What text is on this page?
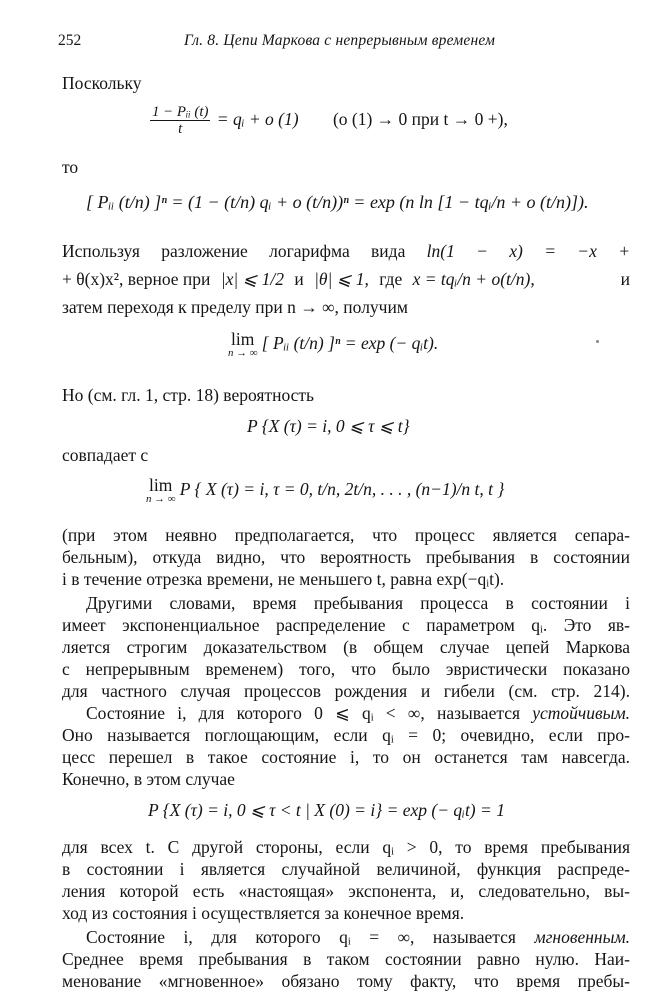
252	Гл. 8. Цепи Маркова с непрерывным временем
Поскольку
$\frac{\text{1 − Pᵢᵢ (t)}}{t}$ = qᵢ + o (1) (o (1) → 0 при t → 0 +),
то
[ Pᵢᵢ (t/n) ]ⁿ = (1 − (t/n) qᵢ + o (t/n))ⁿ = exp (n ln [1 − tqᵢ/n + o (t/n)]).
Используя разложение логарифма вида ln(1 − x) = −x +
+ θ(x)x², верное при |x| ⩽ 1/2 и |θ| ⩽ 1, где x = tqᵢ/n + o(t/n),	и
затем переходя к пределу при n → ∞, получим
lim
n → ∞
[ Pᵢᵢ (t/n) ]ⁿ = exp (− qᵢt).
Но (см. гл. 1, стр. 18) вероятность
P {X (τ) = i, 0 ⩽ τ ⩽ t}
совпадает с
lim
n → ∞
P { X (τ) = i, τ = 0, t/n, 2t/n, . . . , (n−1)/n t, t }
(при этом неявно предполагается, что процесс является сепара-
бельным), откуда видно, что вероятность пребывания в состоянии
i в течение отрезка времени, не меньшего t, равна exp(−qᵢt).
Другими словами, время пребывания процесса в состоянии i
имеет экспоненциальное распределение с параметром qᵢ. Это яв-
ляется строгим доказательством (в общем случае цепей Маркова
с непрерывным временем) того, что было эвристически показано
для частного случая процессов рождения и гибели (см. стр. 214).
Состояние i, для которого 0 ⩽ qᵢ < ∞, называется устойчивым.
Оно называется поглощающим, если qᵢ = 0; очевидно, если про-
цесс перешел в такое состояние i, то он останется там навсегда.
Конечно, в этом случае
P {X (τ) = i, 0 ⩽ τ < t | X (0) = i} = exp (− qᵢt) = 1
для всех t. С другой стороны, если qᵢ > 0, то время пребывания
в состоянии i является случайной величиной, функция распреде-
ления которой есть «настоящая» экспонента, и, следовательно, вы-
ход из состояния i осуществляется за конечное время.
Состояние i, для которого qᵢ = ∞, называется мгновенным.
Среднее время пребывания в таком состоянии равно нулю. Наи-
менование «мгновенное» обязано тому факту, что время пребы-
